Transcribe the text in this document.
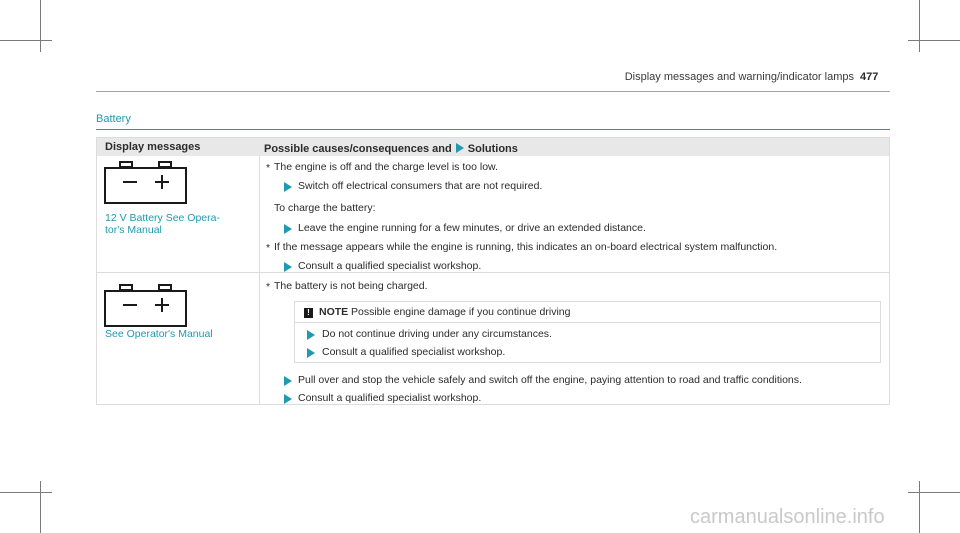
Display messages and warning/indicator lamps 477
Battery
Display messages	Possible causes/consequences and Solutions
12 V Battery See Opera-
tor's Manual
* The engine is off and the charge level is too low.
Switch off electrical consumers that are not required.
To charge the battery:
Leave the engine running for a few minutes, or drive an extended distance.
* If the message appears while the engine is running, this indicates an on-board electrical system malfunction.
Consult a qualified specialist workshop.
See Operator's Manual
* The battery is not being charged.
! NOTE Possible engine damage if you continue driving
Do not continue driving under any circumstances.
Consult a qualified specialist workshop.
Pull over and stop the vehicle safely and switch off the engine, paying attention to road and traffic conditions.
Consult a qualified specialist workshop.
carmanualsonline.info
